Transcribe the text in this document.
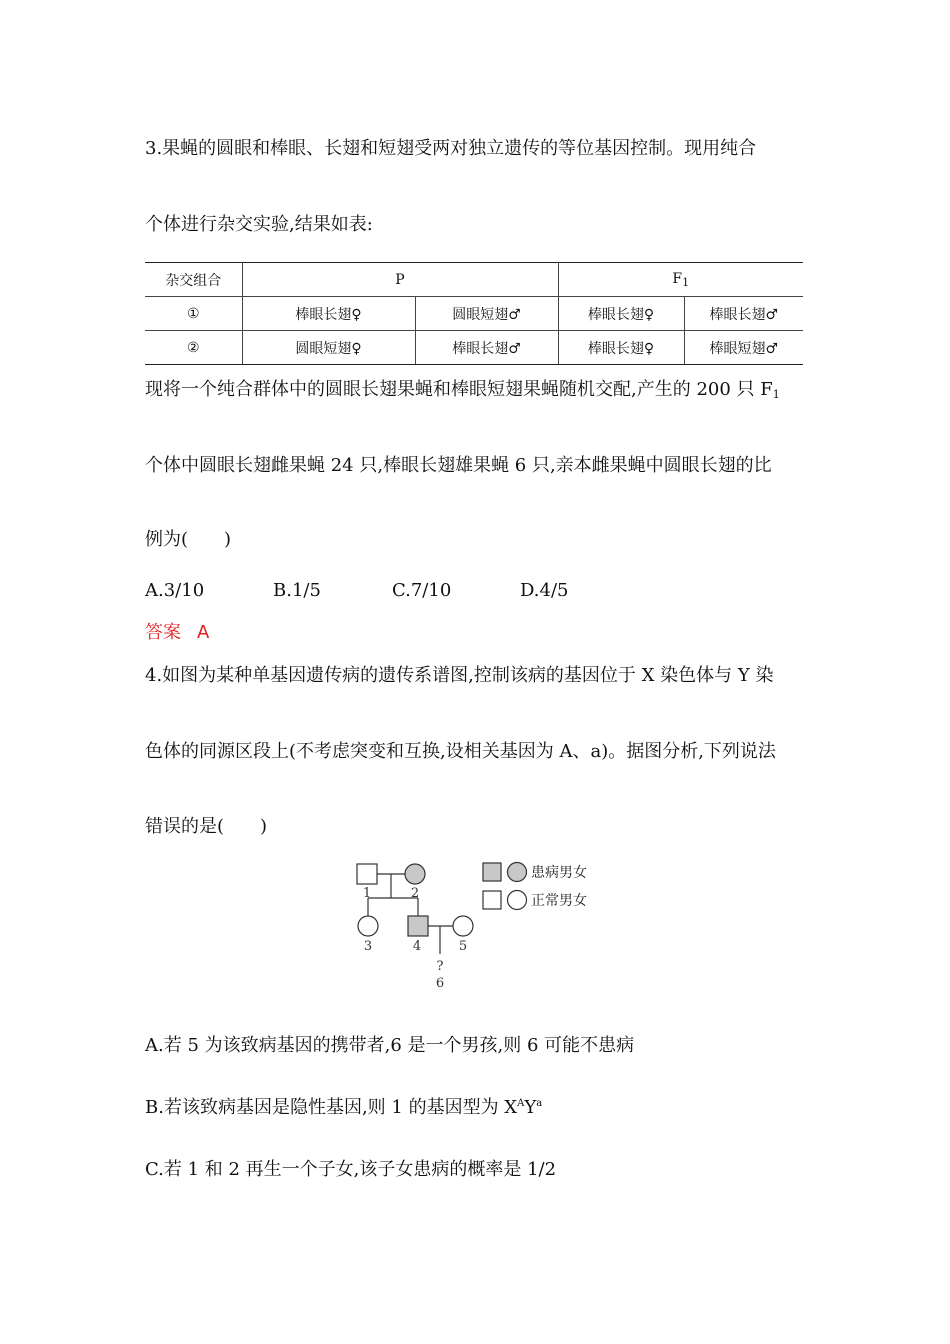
3.果蝇的圆眼和棒眼、长翅和短翅受两对独立遗传的等位基因控制。现用纯合
个体进行杂交实验,结果如表:
杂交组合	P		$F_1$
①	棒眼长翅♀	圆眼短翅♂	棒眼长翅♀	棒眼长翅♂
②	圆眼短翅♀	棒眼长翅♂	棒眼长翅♀	棒眼短翅♂
现将一个纯合群体中的圆眼长翅果蝇和棒眼短翅果蝇随机交配,产生的 200 只 $F_1$
个体中圆眼长翅雌果蝇 24 只,棒眼长翅雄果蝇 6 只,亲本雌果蝇中圆眼长翅的比
例为(　　)
A.3/10	B.1/5	C.7/10	D.4/5
答案 A
4.如图为某种单基因遗传病的遗传系谱图,控制该病的基因位于 X 染色体与 Y 染
色体的同源区段上(不考虑突变和互换,设相关基因为 A、a)。据图分析,下列说法
错误的是(　　)
1	2
3	4	5
?
6
患病男女
正常男女
A.若 5 为该致病基因的携带者,6 是一个男孩,则 6 可能不患病
B.若该致病基因是隐性基因,则 1 的基因型为 $X^AY^a$
C.若 1 和 2 再生一个子女,该子女患病的概率是 1/2
